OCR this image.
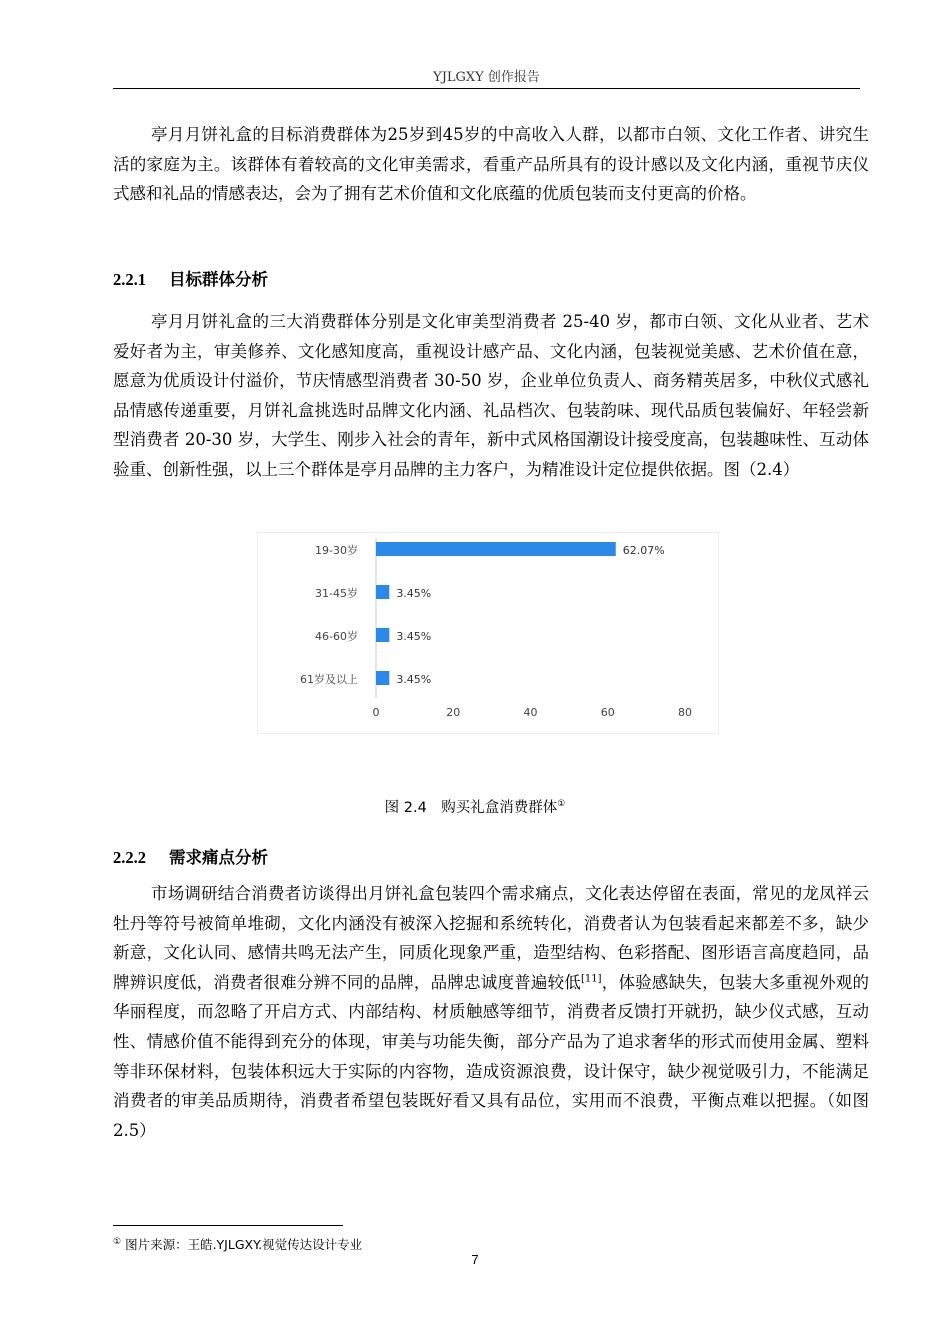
YJLGXY 创作报告

亭月月饼礼盒的目标消费群体为25岁到45岁的中高收入人群，以都市白领、文化工作者、讲究生活的家庭为主。该群体有着较高的文化审美需求，看重产品所具有的设计感以及文化内涵，重视节庆仪式感和礼品的情感表达，会为了拥有艺术价值和文化底蕴的优质包装而支付更高的价格。

2.2.1 目标群体分析

亭月月饼礼盒的三大消费群体分别是文化审美型消费者 25-40 岁，都市白领、文化从业者、艺术爱好者为主，审美修养、文化感知度高，重视设计感产品、文化内涵，包装视觉美感、艺术价值在意，愿意为优质设计付溢价，节庆情感型消费者 30-50 岁，企业单位负责人、商务精英居多，中秋仪式感礼品情感传递重要，月饼礼盒挑选时品牌文化内涵、礼品档次、包装韵味、现代品质包装偏好、年轻尝新型消费者 20-30 岁，大学生、刚步入社会的青年，新中式风格国潮设计接受度高，包装趣味性、互动体验重、创新性强，以上三个群体是亭月品牌的主力客户，为精准设计定位提供依据。图（2.4）

19-30岁	62.07%
31-45岁	3.45%
46-60岁	3.45%
61岁及以上	3.45%
0	20	40	60	80
图 2.4　购买礼盒消费群体①
2.2.2 需求痛点分析

市场调研结合消费者访谈得出月饼礼盒包装四个需求痛点，文化表达停留在表面，常见的龙凤祥云牡丹等符号被简单堆砌，文化内涵没有被深入挖掘和系统转化，消费者认为包装看起来都差不多，缺少新意，文化认同、感情共鸣无法产生，同质化现象严重，造型结构、色彩搭配、图形语言高度趋同，品牌辨识度低，消费者很难分辨不同的品牌，品牌忠诚度普遍较低[11]，体验感缺失，包装大多重视外观的华丽程度，而忽略了开启方式、内部结构、材质触感等细节，消费者反馈打开就扔，缺少仪式感，互动性、情感价值不能得到充分的体现，审美与功能失衡，部分产品为了追求奢华的形式而使用金属、塑料等非环保材料，包装体积远大于实际的内容物，造成资源浪费，设计保守，缺少视觉吸引力，不能满足消费者的审美品质期待，消费者希望包装既好看又具有品位，实用而不浪费，平衡点难以把握。（如图 2.5）

① 图片来源：王皓.YJLGXY.视觉传达设计专业
7
